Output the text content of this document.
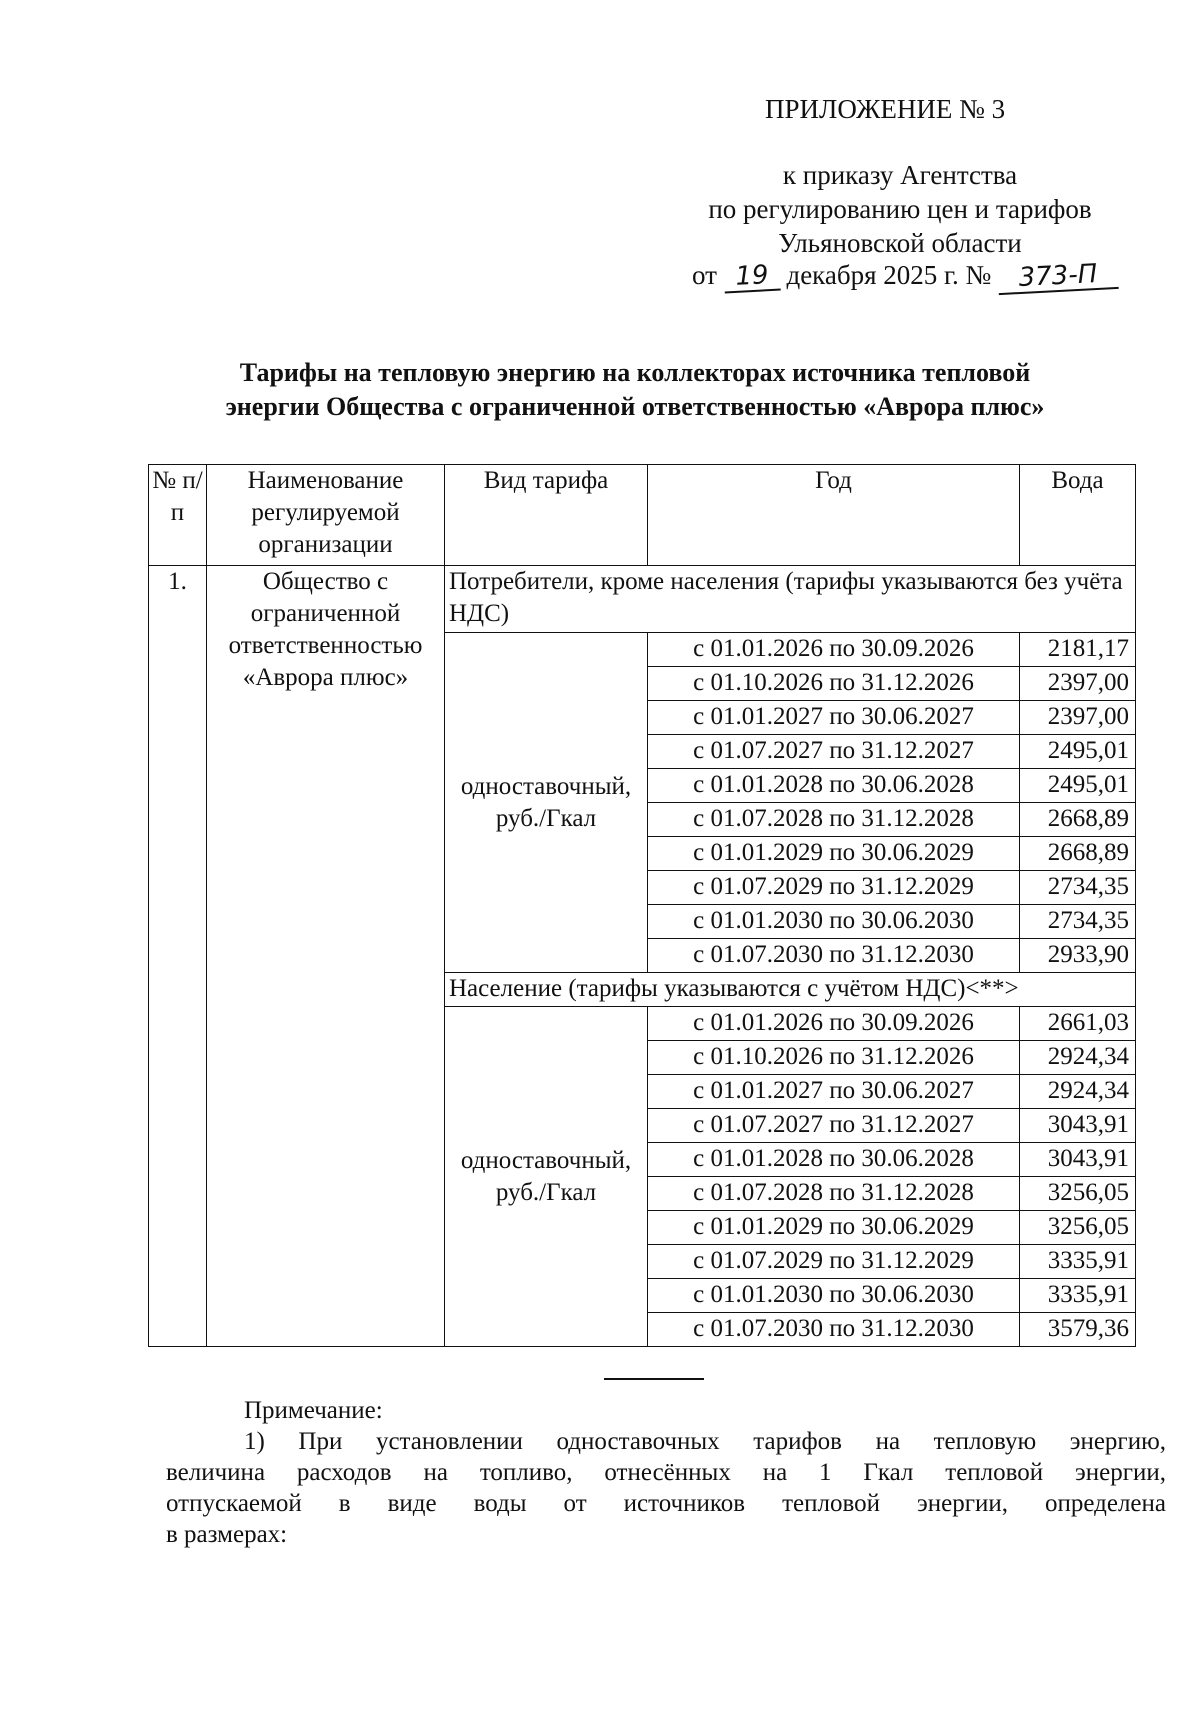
ПРИЛОЖЕНИЕ № 3
к приказу Агентства
по регулированию цен и тарифов
Ульяновской области
от 19 декабря 2025 г. № 373-П
Тарифы на тепловую энергию на коллекторах источника тепловой
энергии Общества с ограниченной ответственностью «Аврора плюс»
№ п/п	Наименование регулируемой организации	Вид тарифа	Год	Вода
1.	Общество с ограниченной ответственностью «Аврора плюс»	Потребители, кроме населения (тарифы указываются без учёта НДС)		
		одноставочный, руб./Гкал	с 01.01.2026 по 30.09.2026	2181,17
			с 01.10.2026 по 31.12.2026	2397,00
			с 01.01.2027 по 30.06.2027	2397,00
			с 01.07.2027 по 31.12.2027	2495,01
			с 01.01.2028 по 30.06.2028	2495,01
			с 01.07.2028 по 31.12.2028	2668,89
			с 01.01.2029 по 30.06.2029	2668,89
			с 01.07.2029 по 31.12.2029	2734,35
			с 01.01.2030 по 30.06.2030	2734,35
			с 01.07.2030 по 31.12.2030	2933,90
		Население (тарифы указываются с учётом НДС)<**>		
		одноставочный, руб./Гкал	с 01.01.2026 по 30.09.2026	2661,03
			с 01.10.2026 по 31.12.2026	2924,34
			с 01.01.2027 по 30.06.2027	2924,34
			с 01.07.2027 по 31.12.2027	3043,91
			с 01.01.2028 по 30.06.2028	3043,91
			с 01.07.2028 по 31.12.2028	3256,05
			с 01.01.2029 по 30.06.2029	3256,05
			с 01.07.2029 по 31.12.2029	3335,91
			с 01.01.2030 по 30.06.2030	3335,91
			с 01.07.2030 по 31.12.2030	3579,36
Примечание:
1) При установлении одноставочных тарифов на тепловую энергию,
величина расходов на топливо, отнесённых на 1 Гкал тепловой энергии,
отпускаемой в виде воды от источников тепловой энергии, определена
в размерах:
